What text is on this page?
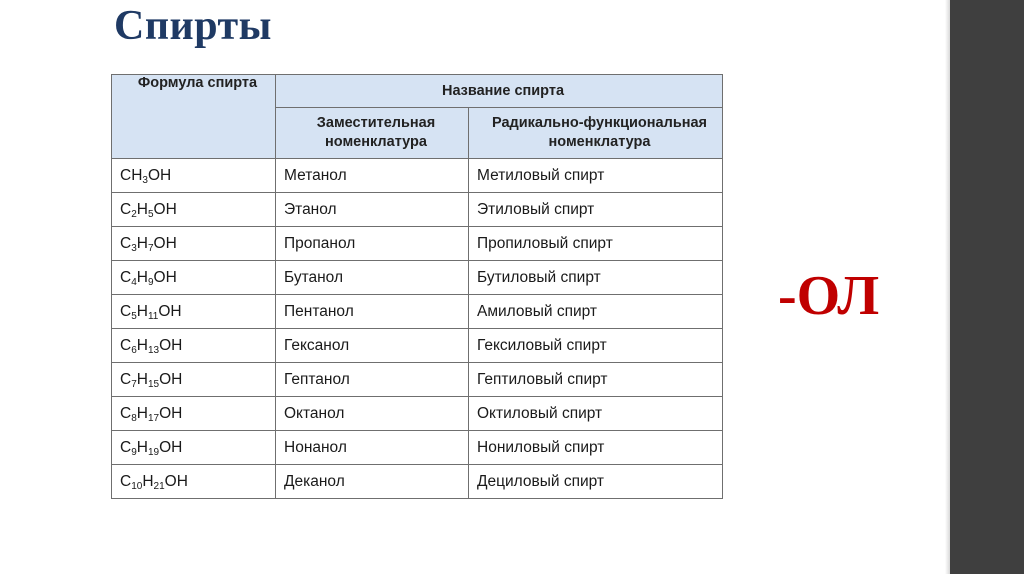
Спирты
Формула спирта	Название спирта	
	Заместительная номенклатура	Радикально-функциональная номенклатура
$CH_3OH$	Метанол	Метиловый спирт
$C_2H_5OH$	Этанол	Этиловый спирт
$C_3H_7OH$	Пропанол	Пропиловый спирт
$C_4H_9OH$	Бутанол	Бутиловый спирт
$C_5H_{11}OH$	Пентанол	Амиловый спирт
$C_6H_{13}OH$	Гексанол	Гексиловый спирт
$C_7H_{15}OH$	Гептанол	Гептиловый спирт
$C_8H_{17}OH$	Октанол	Октиловый спирт
$C_9H_{19}OH$	Нонанол	Нониловый спирт
$C_{10}H_{21}OH$	Деканол	Дециловый спирт
-ОЛ
